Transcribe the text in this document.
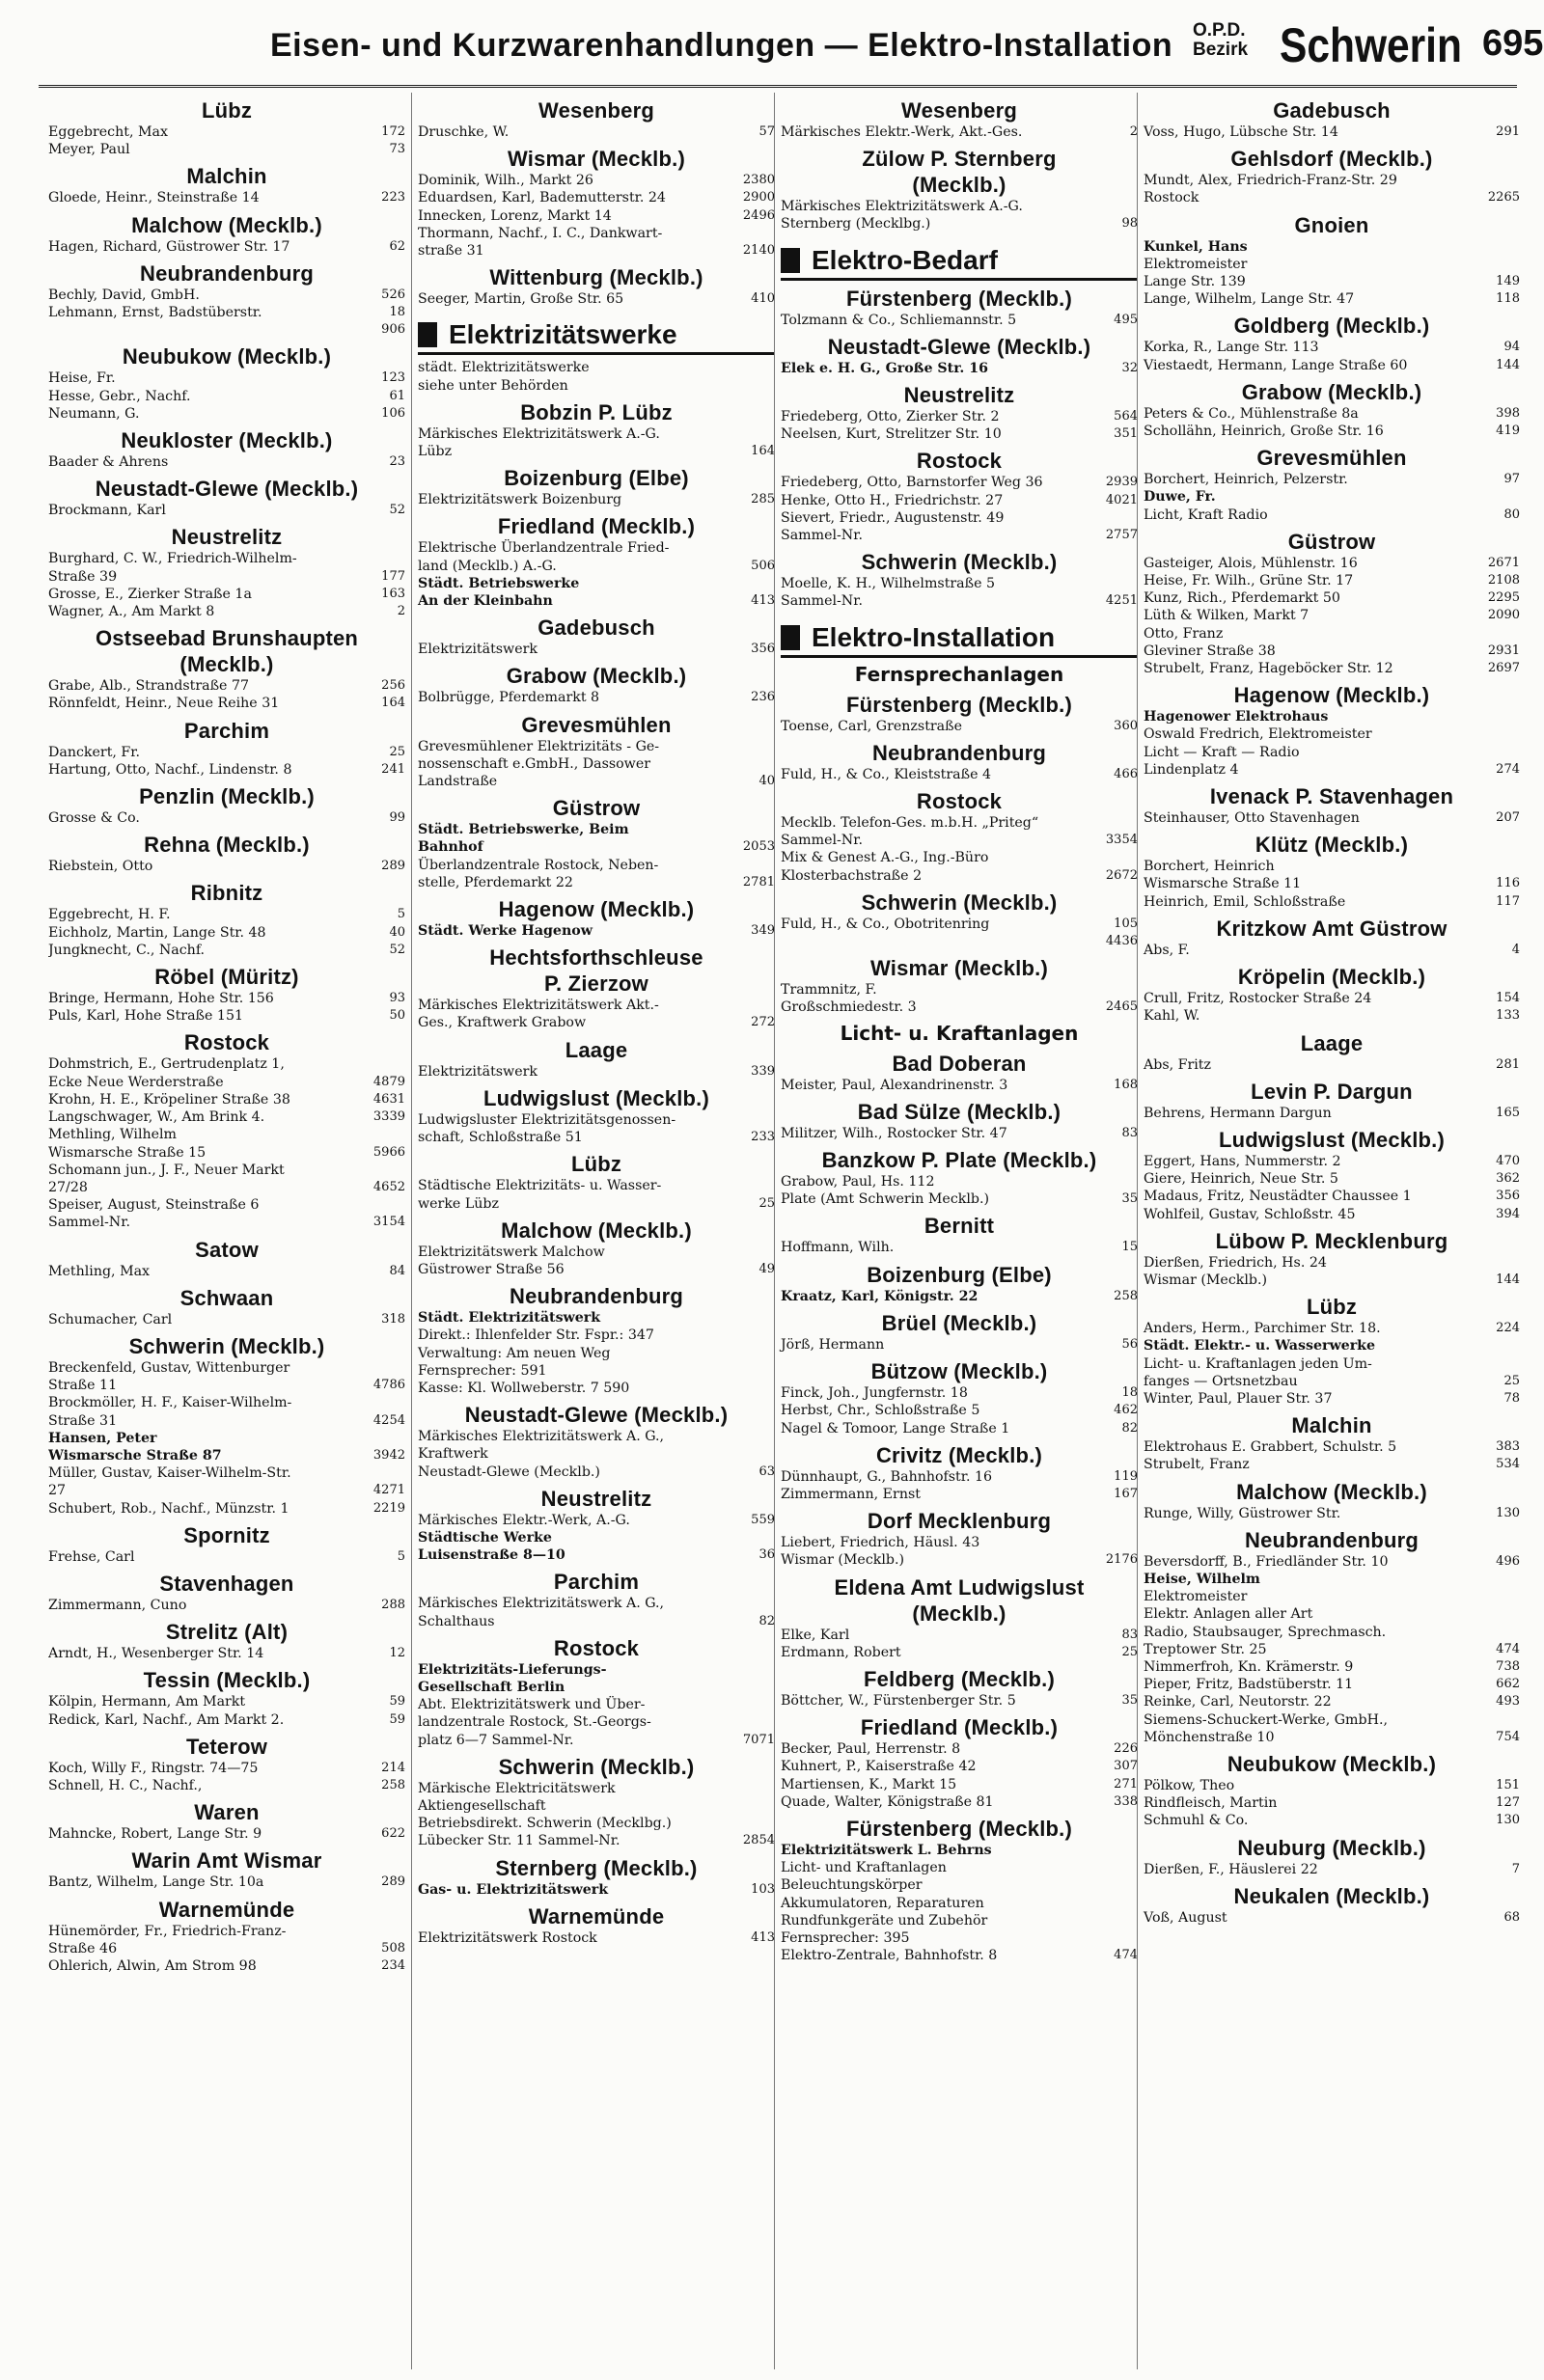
Eisen- und Kurzwarenhandlungen — Elektro-Installation O.P.D.
Bezirk Schwerin 695
Lübz
Eggebrecht, Max	172
Meyer, Paul	73
Malchin
Gloede, Heinr., Steinstraße 14	223
Malchow (Mecklb.)
Hagen, Richard, Güstrower Str. 17	62
Neubrandenburg
Bechly, David, GmbH.	526
Lehmann, Ernst, Badstüberstr.	18
906
Neubukow (Mecklb.)
Heise, Fr.	123
Hesse, Gebr., Nachf.	61
Neumann, G.	106
Neukloster (Mecklb.)
Baader & Ahrens	23
Neustadt-Glewe (Mecklb.)
Brockmann, Karl	52
Neustrelitz
Burghard, C. W., Friedrich-Wilhelm-
Straße 39	
177
Grosse, E., Zierker Straße 1a	163
Wagner, A., Am Markt 8	2
Ostseebad Brunshaupten
(Mecklb.)
Grabe, Alb., Strandstraße 77	256
Rönnfeldt, Heinr., Neue Reihe 31	164
Parchim
Danckert, Fr.	25
Hartung, Otto, Nachf., Lindenstr. 8	241
Penzlin (Mecklb.)
Grosse & Co.	99
Rehna (Mecklb.)
Riebstein, Otto	289
Ribnitz
Eggebrecht, H. F.	5
Eichholz, Martin, Lange Str. 48	40
Jungknecht, C., Nachf.	52
Röbel (Müritz)
Bringe, Hermann, Hohe Str. 156	93
Puls, Karl, Hohe Straße 151	50
Rostock
Dohmstrich, E., Gertrudenplatz 1,
Ecke Neue Werderstraße	
4879
Krohn, H. E., Kröpeliner Straße 38	4631
Langschwager, W., Am Brink 4.	3339
Methling, Wilhelm
Wismarsche Straße 15	
5966
Schomann jun., J. F., Neuer Markt
27/28	
4652
Speiser, August, Steinstraße 6
Sammel-Nr.	
3154
Satow
Methling, Max	84
Schwaan
Schumacher, Carl	318
Schwerin (Mecklb.)
Breckenfeld, Gustav, Wittenburger
Straße 11	
4786
Brockmöller, H. F., Kaiser-Wilhelm-
Straße 31	
4254
Hansen, Peter
Wismarsche Straße 87	
3942
Müller, Gustav, Kaiser-Wilhelm-Str.
27	
4271
Schubert, Rob., Nachf., Münzstr. 1	2219
Spornitz
Frehse, Carl	5
Stavenhagen
Zimmermann, Cuno	288
Strelitz (Alt)
Arndt, H., Wesenberger Str. 14	12
Tessin (Mecklb.)
Kölpin, Hermann, Am Markt	59
Redick, Karl, Nachf., Am Markt 2.	59
Teterow
Koch, Willy F., Ringstr. 74—75	214
Schnell, H. C., Nachf.,	258
Waren
Mahncke, Robert, Lange Str. 9	622
Warin Amt Wismar
Bantz, Wilhelm, Lange Str. 10a	289
Warnemünde
Hünemörder, Fr., Friedrich-Franz-
Straße 46	
508
Ohlerich, Alwin, Am Strom 98	234
Wesenberg
Druschke, W.	57
Wismar (Mecklb.)
Dominik, Wilh., Markt 26	2380
Eduardsen, Karl, Bademutterstr. 24	2900
Innecken, Lorenz, Markt 14	2496
Thormann, Nachf., I. C., Dankwart-
straße 31	
2140
Wittenburg (Mecklb.)
Seeger, Martin, Große Str. 65	410
Elektrizitätswerke
städt. Elektrizitätswerke
siehe unter Behörden
Bobzin P. Lübz
Märkisches Elektrizitätswerk A.-G.
Lübz	
164
Boizenburg (Elbe)
Elektrizitätswerk Boizenburg	285
Friedland (Mecklb.)
Elektrische Überlandzentrale Fried-
land (Mecklb.) A.-G.	
506
Städt. Betriebswerke
An der Kleinbahn	
413
Gadebusch
Elektrizitätswerk	356
Grabow (Mecklb.)
Bolbrügge, Pferdemarkt 8	236
Grevesmühlen
Grevesmühlener Elektrizitäts - Ge-
nossenschaft e.GmbH., Dassower
Landstraße	

40
Güstrow
Städt. Betriebswerke, Beim
Bahnhof	
2053
Überlandzentrale Rostock, Neben-
stelle, Pferdemarkt 22	
2781
Hagenow (Mecklb.)
Städt. Werke Hagenow	349
Hechtsforthschleuse
P. Zierzow
Märkisches Elektrizitätswerk Akt.-
Ges., Kraftwerk Grabow	
272
Laage
Elektrizitätswerk	339
Ludwigslust (Mecklb.)
Ludwigsluster Elektrizitätsgenossen-
schaft, Schloßstraße 51	
233
Lübz
Städtische Elektrizitäts- u. Wasser-
werke Lübz	
25
Malchow (Mecklb.)
Elektrizitätswerk Malchow
Güstrower Straße 56	
49
Neubrandenburg
Städt. Elektrizitätswerk
Direkt.: Ihlenfelder Str. Fspr.: 347
Verwaltung: Am neuen Weg
Fernsprecher: 591
Kasse: Kl. Wollweberstr. 7 590
Neustadt-Glewe (Mecklb.)
Märkisches Elektrizitätswerk A. G.,
Kraftwerk
Neustadt-Glewe (Mecklb.)	

63
Neustrelitz
Märkisches Elektr.-Werk, A.-G.	559
Städtische Werke
Luisenstraße 8—10	
36
Parchim
Märkisches Elektrizitätswerk A. G.,
Schalthaus	
82
Rostock
Elektrizitäts-Lieferungs-
Gesellschaft Berlin
Abt. Elektrizitätswerk und Über-
landzentrale Rostock, St.-Georgs-
platz 6—7 Sammel-Nr.	

7071
Schwerin (Mecklb.)
Märkische Elektricitätswerk
Aktiengesellschaft
Betriebsdirekt. Schwerin (Mecklbg.)
Lübecker Str. 11 Sammel-Nr.	

2854
Sternberg (Mecklb.)
Gas- u. Elektrizitätswerk	103
Warnemünde
Elektrizitätswerk Rostock	413
Wesenberg
Märkisches Elektr.-Werk, Akt.-Ges.	2
Zülow P. Sternberg
(Mecklb.)
Märkisches Elektrizitätswerk A.-G.
Sternberg (Mecklbg.)	
98
Elektro-Bedarf
Fürstenberg (Mecklb.)
Tolzmann & Co., Schliemannstr. 5	495
Neustadt-Glewe (Mecklb.)
Elek e. H. G., Große Str. 16	32
Neustrelitz
Friedeberg, Otto, Zierker Str. 2	564
Neelsen, Kurt, Strelitzer Str. 10	351
Rostock
Friedeberg, Otto, Barnstorfer Weg 36	2939
Henke, Otto H., Friedrichstr. 27	4021
Sievert, Friedr., Augustenstr. 49
Sammel-Nr.	
2757
Schwerin (Mecklb.)
Moelle, K. H., Wilhelmstraße 5
Sammel-Nr.	
4251
Elektro-Installation
Fernsprechanlagen
Fürstenberg (Mecklb.)
Toense, Carl, Grenzstraße	360
Neubrandenburg
Fuld, H., & Co., Kleiststraße 4	466
Rostock
Mecklb. Telefon-Ges. m.b.H. „Priteg“
Sammel-Nr.	
3354
Mix & Genest A.-G., Ing.-Büro
Klosterbachstraße 2	
2672
Schwerin (Mecklb.)
Fuld, H., & Co., Obotritenring	105
4436
Wismar (Mecklb.)
Trammnitz, F.
Großschmiedestr. 3	
2465
Licht- u. Kraftanlagen
Bad Doberan
Meister, Paul, Alexandrinenstr. 3	168
Bad Sülze (Mecklb.)
Militzer, Wilh., Rostocker Str. 47	83
Banzkow P. Plate (Mecklb.)
Grabow, Paul, Hs. 112
Plate (Amt Schwerin Mecklb.)	
35
Bernitt
Hoffmann, Wilh.	15
Boizenburg (Elbe)
Kraatz, Karl, Königstr. 22	258
Brüel (Mecklb.)
Jörß, Hermann	56
Bützow (Mecklb.)
Finck, Joh., Jungfernstr. 18	18
Herbst, Chr., Schloßstraße 5	462
Nagel & Tomoor, Lange Straße 1	82
Crivitz (Mecklb.)
Dünnhaupt, G., Bahnhofstr. 16	119
Zimmermann, Ernst	167
Dorf Mecklenburg
Liebert, Friedrich, Häusl. 43
Wismar (Mecklb.)	
2176
Eldena Amt Ludwigslust
(Mecklb.)
Elke, Karl	83
Erdmann, Robert	25
Feldberg (Mecklb.)
Böttcher, W., Fürstenberger Str. 5	35
Friedland (Mecklb.)
Becker, Paul, Herrenstr. 8	226
Kuhnert, P., Kaiserstraße 42	307
Martiensen, K., Markt 15	271
Quade, Walter, Königstraße 81	338
Fürstenberg (Mecklb.)
Elektrizitätswerk L. Behrns
Licht- und Kraftanlagen
Beleuchtungskörper
Akkumulatoren, Reparaturen
Rundfunkgeräte und Zubehör
Fernsprecher: 395
Elektro-Zentrale, Bahnhofstr. 8	474
Gadebusch
Voss, Hugo, Lübsche Str. 14	291
Gehlsdorf (Mecklb.)
Mundt, Alex, Friedrich-Franz-Str. 29
Rostock	
2265
Gnoien
Kunkel, Hans
Elektromeister
Lange Str. 139	
149
Lange, Wilhelm, Lange Str. 47	118
Goldberg (Mecklb.)
Korka, R., Lange Str. 113	94
Viestaedt, Hermann, Lange Straße 60	144
Grabow (Mecklb.)
Peters & Co., Mühlenstraße 8a	398
Schollähn, Heinrich, Große Str. 16	419
Grevesmühlen
Borchert, Heinrich, Pelzerstr.	97
Duwe, Fr.
Licht, Kraft Radio	80
Güstrow
Gasteiger, Alois, Mühlenstr. 16	2671
Heise, Fr. Wilh., Grüne Str. 17	2108
Kunz, Rich., Pferdemarkt 50	2295
Lüth & Wilken, Markt 7	2090
Otto, Franz
Gleviner Straße 38	
2931
Strubelt, Franz, Hageböcker Str. 12	2697
Hagenow (Mecklb.)
Hagenower Elektrohaus
Oswald Fredrich, Elektromeister
Licht — Kraft — Radio
Lindenplatz 4	

274
Ivenack P. Stavenhagen
Steinhauser, Otto Stavenhagen	207
Klütz (Mecklb.)
Borchert, Heinrich
Wismarsche Straße 11	
116
Heinrich, Emil, Schloßstraße	117
Kritzkow Amt Güstrow
Abs, F.	4
Kröpelin (Mecklb.)
Crull, Fritz, Rostocker Straße 24	154
Kahl, W.	133
Laage
Abs, Fritz	281
Levin P. Dargun
Behrens, Hermann Dargun	165
Ludwigslust (Mecklb.)
Eggert, Hans, Nummerstr. 2	470
Giere, Heinrich, Neue Str. 5	362
Madaus, Fritz, Neustädter Chaussee 1	356
Wohlfeil, Gustav, Schloßstr. 45	394
Lübow P. Mecklenburg
Dierßen, Friedrich, Hs. 24
Wismar (Mecklb.)	
144
Lübz
Anders, Herm., Parchimer Str. 18.	224
Städt. Elektr.- u. Wasserwerke
Licht- u. Kraftanlagen jeden Um-
fanges — Ortsnetzbau	
25
Winter, Paul, Plauer Str. 37	78
Malchin
Elektrohaus E. Grabbert, Schulstr. 5	383
Strubelt, Franz	534
Malchow (Mecklb.)
Runge, Willy, Güstrower Str.	130
Neubrandenburg
Beversdorff, B., Friedländer Str. 10	496
Heise, Wilhelm
Elektromeister
Elektr. Anlagen aller Art
Radio, Staubsauger, Sprechmasch.
Treptower Str. 25	

474
Nimmerfroh, Kn. Krämerstr. 9	738
Pieper, Fritz, Badstüberstr. 11	662
Reinke, Carl, Neutorstr. 22	493
Siemens-Schuckert-Werke, GmbH.,
Mönchenstraße 10	
754
Neubukow (Mecklb.)
Pölkow, Theo	151
Rindfleisch, Martin	127
Schmuhl & Co.	130
Neuburg (Mecklb.)
Dierßen, F., Häuslerei 22	7
Neukalen (Mecklb.)
Voß, August	68
